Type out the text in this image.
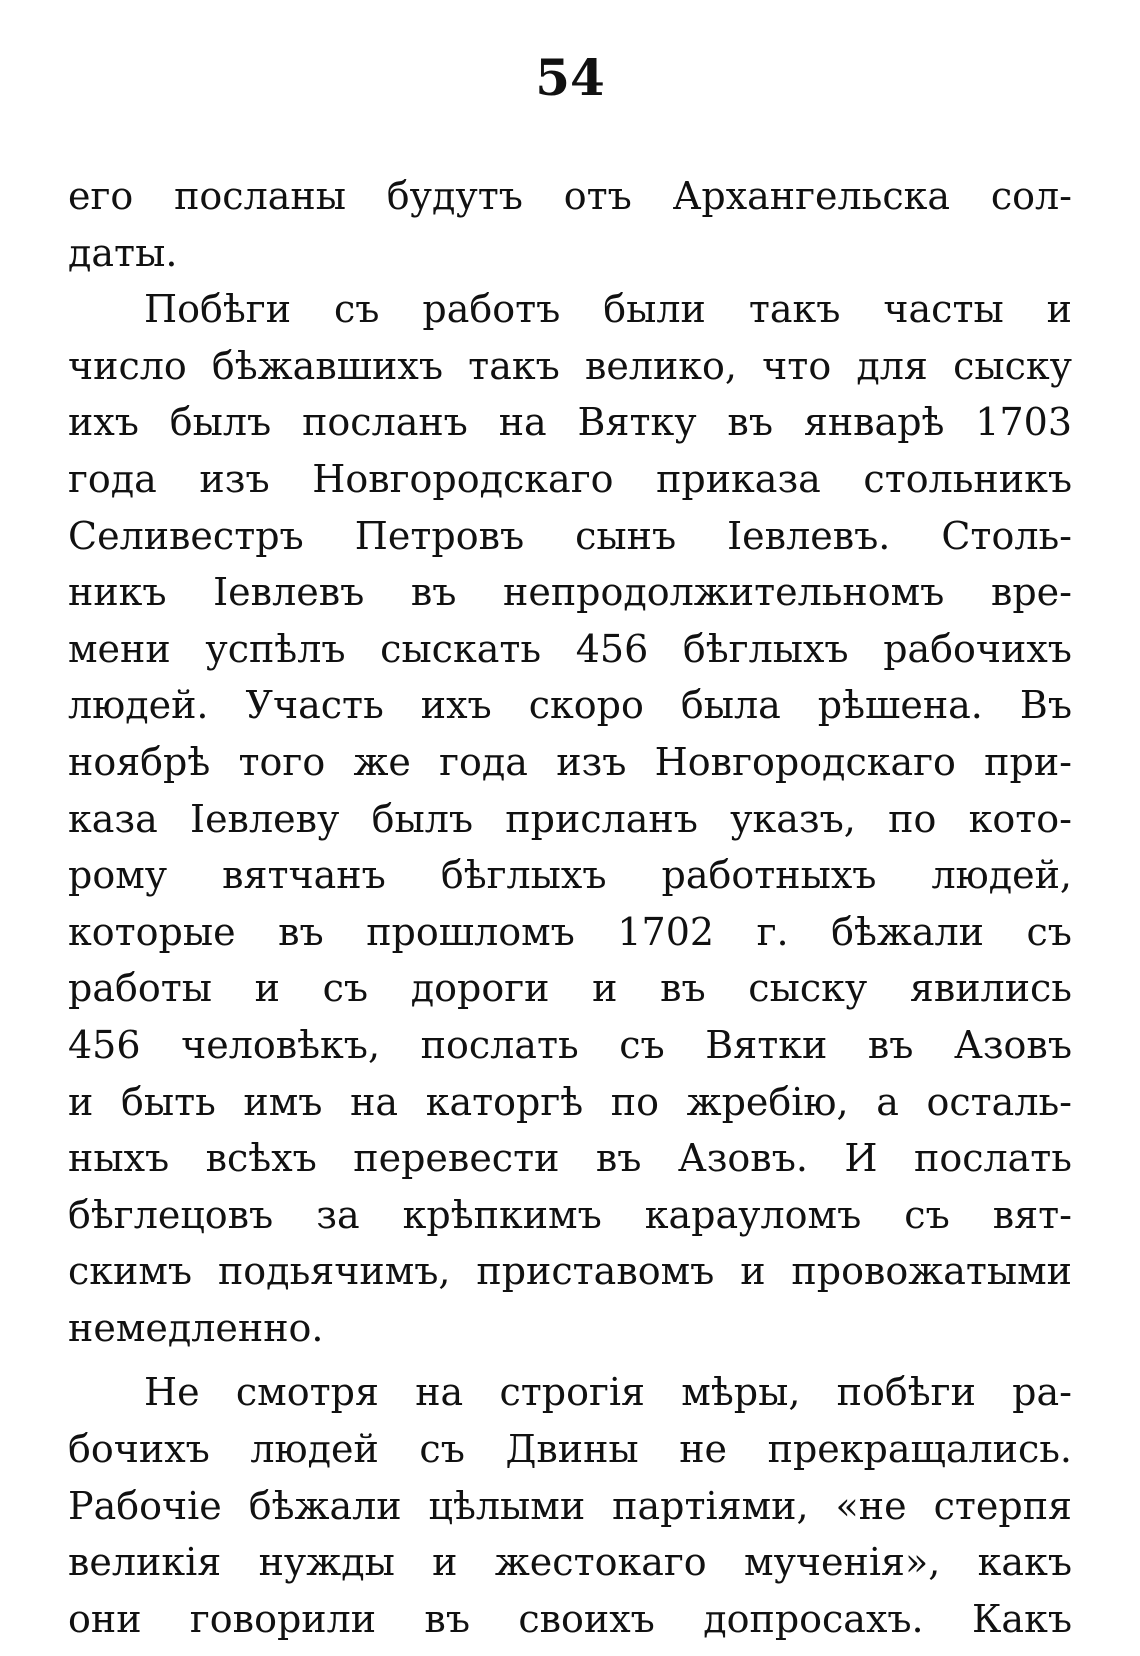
54
его посланы будутъ отъ Архангельска сол-
даты.
Побѣги съ работъ были такъ часты и
число бѣжавшихъ такъ велико, что для сыску
ихъ былъ посланъ на Вятку въ январѣ 1703
года изъ Новгородскаго приказа стольникъ
Селивестръ Петровъ сынъ Іевлевъ. Столь-
никъ Іевлевъ въ непродолжительномъ вре-
мени успѣлъ сыскать 456 бѣглыхъ рабочихъ
людей. Участь ихъ скоро была рѣшена. Въ
ноябрѣ того же года изъ Новгородскаго при-
каза Іевлеву былъ присланъ указъ, по кото-
рому вятчанъ бѣглыхъ работныхъ людей,
которые въ прошломъ 1702 г. бѣжали съ
работы и съ дороги и въ сыску явились
456 человѣкъ, послать съ Вятки въ Азовъ
и быть имъ на каторгѣ по жребію, а осталь-
ныхъ всѣхъ перевести въ Азовъ. И послать
бѣглецовъ за крѣпкимъ карауломъ съ вят-
скимъ подьячимъ, приставомъ и провожатыми
немедленно.
Не смотря на строгія мѣры, побѣги ра-
бочихъ людей съ Двины не прекращались.
Рабочіе бѣжали цѣлыми партіями, «не стерпя
великія нужды и жестокаго мученія», какъ
они говорили въ своихъ допросахъ. Какъ
